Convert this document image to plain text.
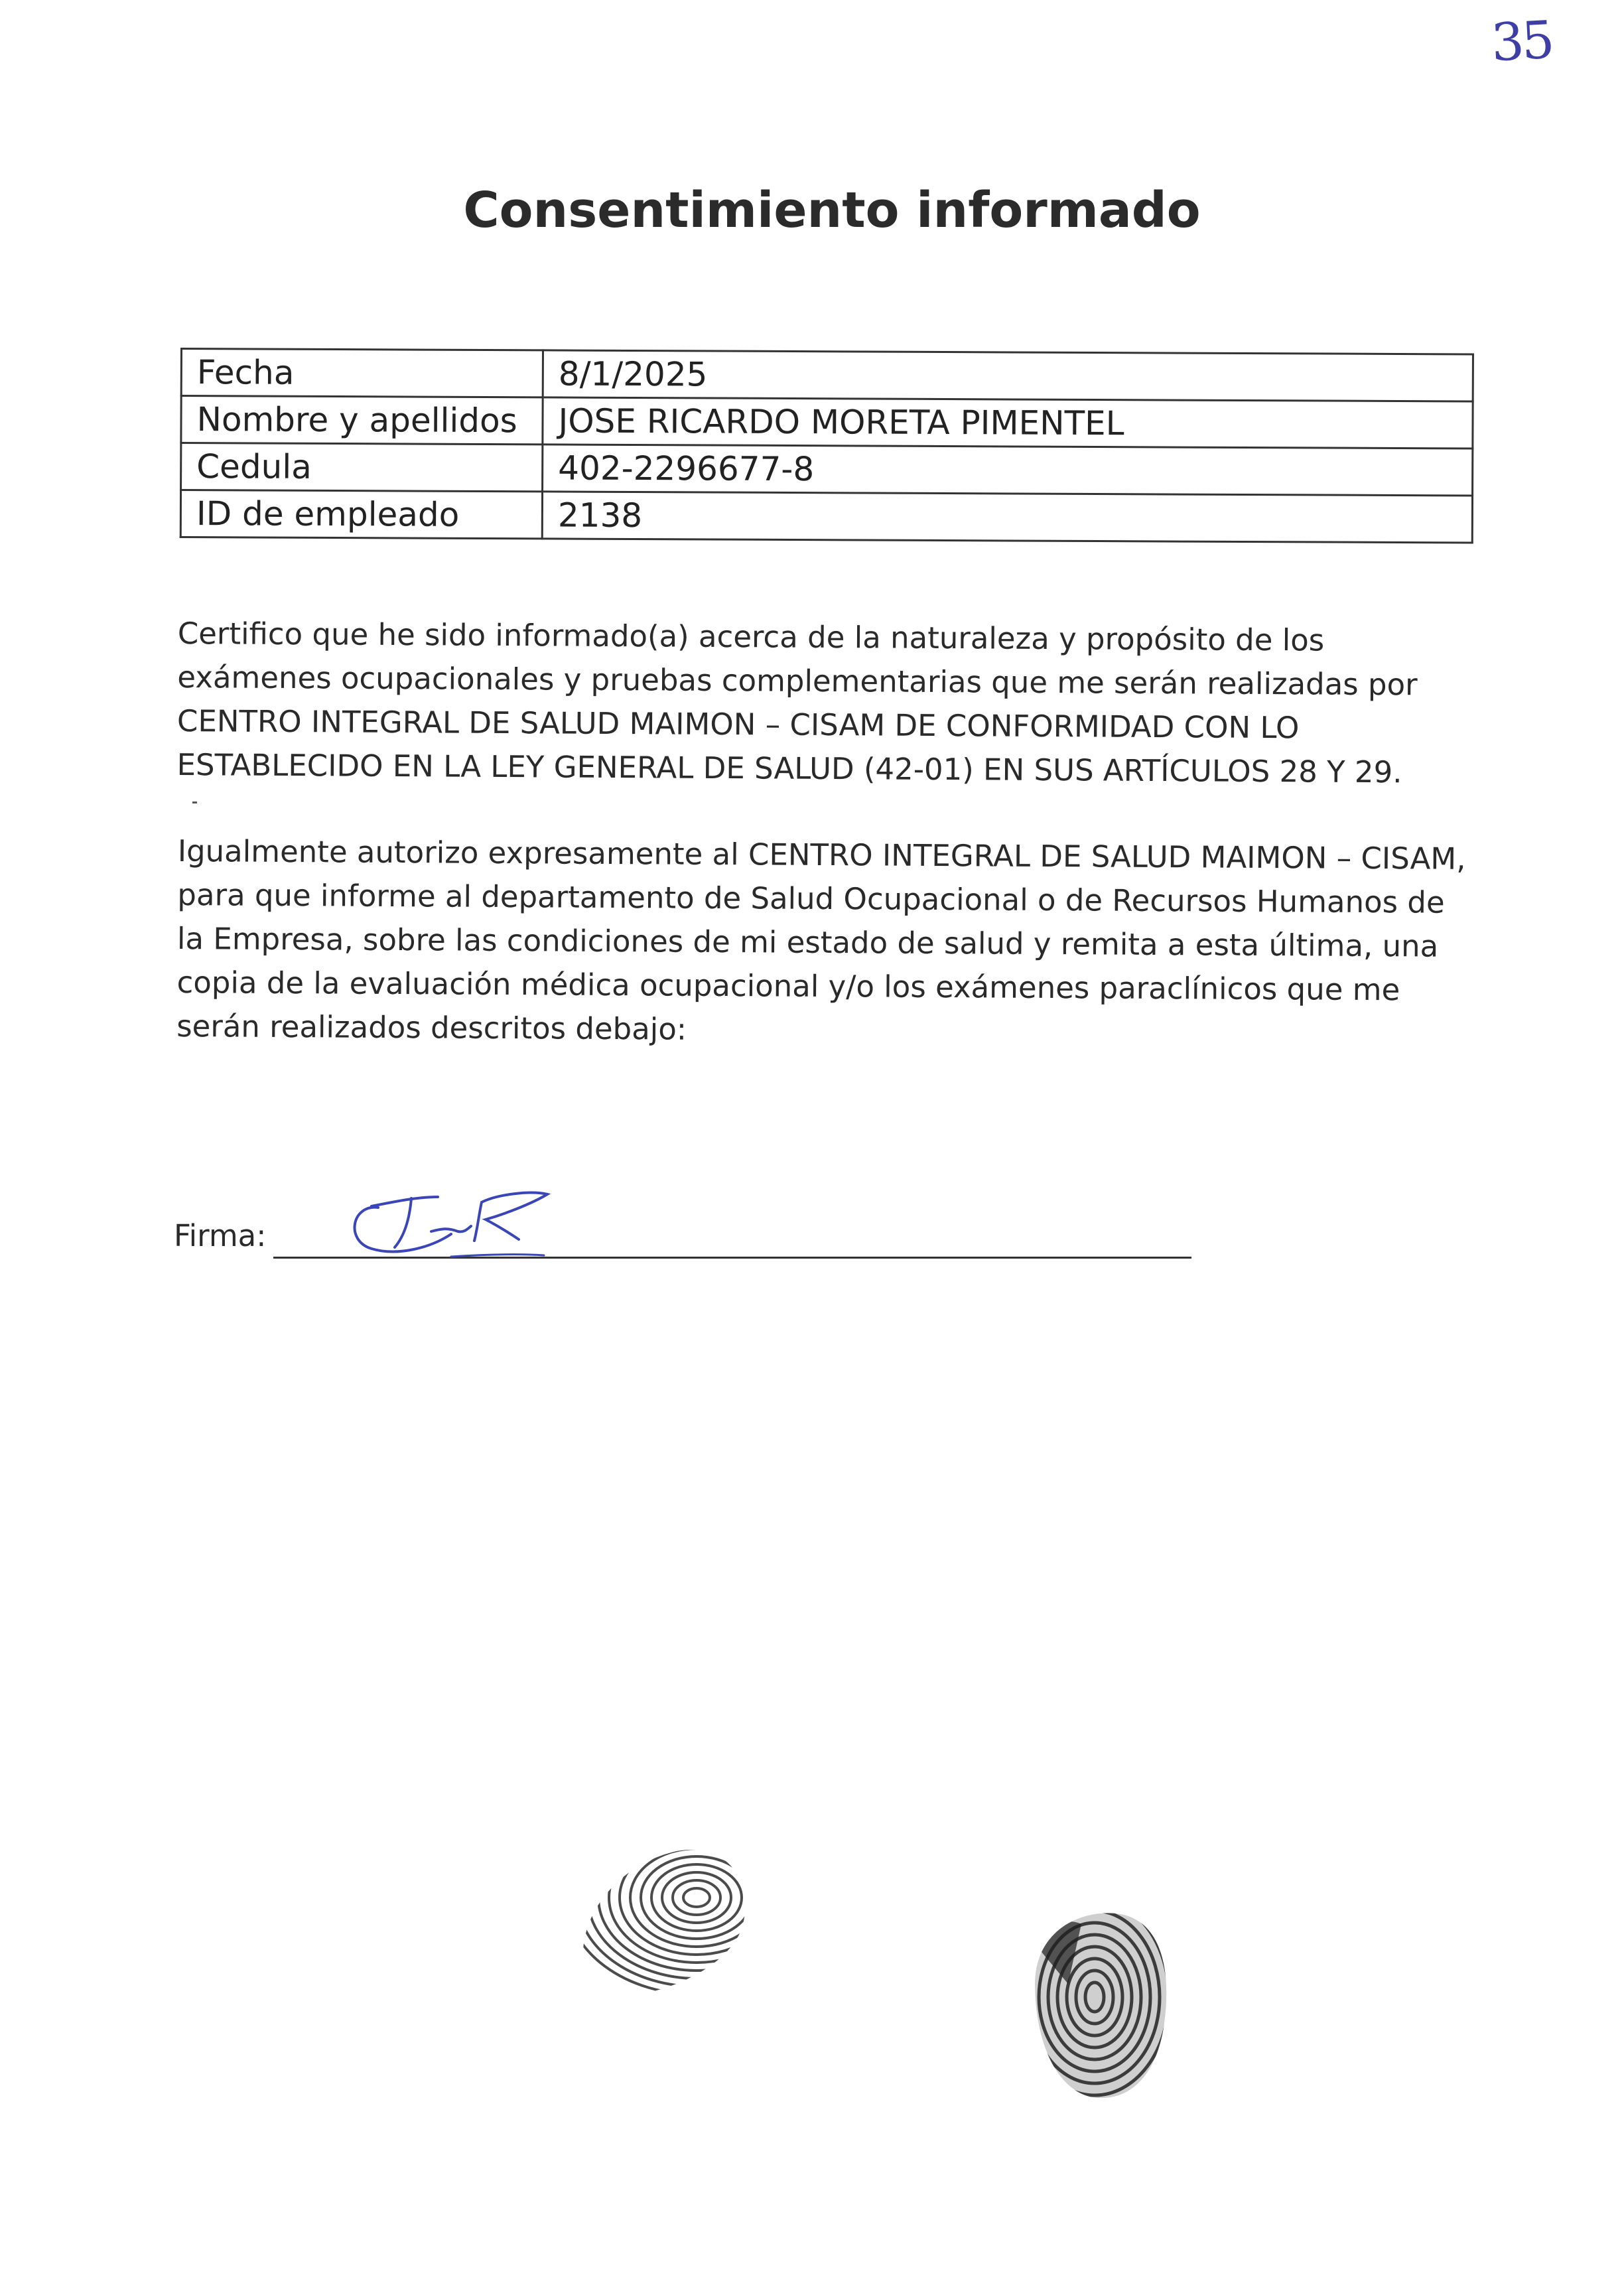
35
Consentimiento informado
Fecha	8/1/2025
Nombre y apellidos	JOSE RICARDO MORETA PIMENTEL
Cedula	402-2296677-8
ID de empleado	2138

Certifico que he sido informado(a) acerca de la naturaleza y propósito de los exámenes ocupacionales y pruebas complementarias que me serán realizadas por CENTRO INTEGRAL DE SALUD MAIMON – CISAM DE CONFORMIDAD CON LO ESTABLECIDO EN LA LEY GENERAL DE SALUD (42-01) EN SUS ARTÍCULOS 28 Y 29.

Igualmente autorizo expresamente al CENTRO INTEGRAL DE SALUD MAIMON – CISAM, para que informe al departamento de Salud Ocupacional o de Recursos Humanos de la Empresa, sobre las condiciones de mi estado de salud y remita a esta última, una copia de la evaluación médica ocupacional y/o los exámenes paraclínicos que me serán realizados descritos debajo:

Firma:
